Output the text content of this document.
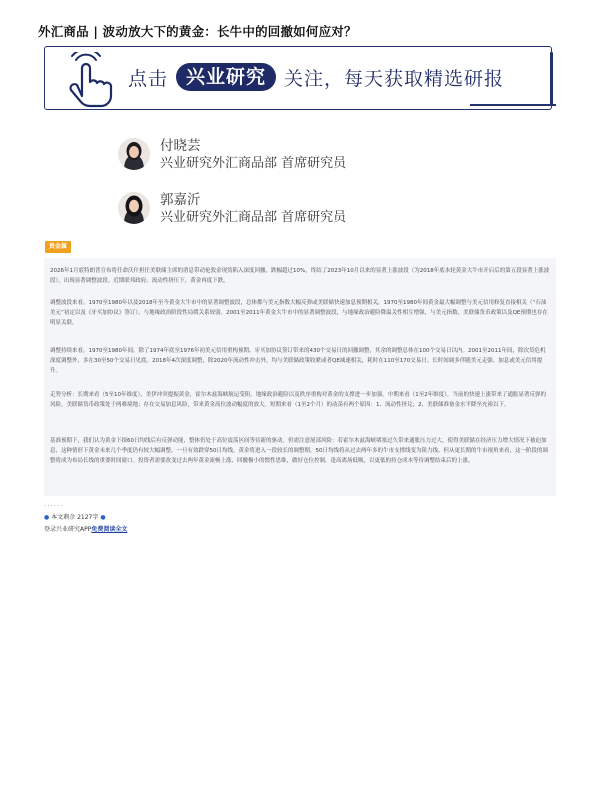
外汇商品 | 波动放大下的黄金：长牛中的回撤如何应对？
点击 兴业研究 关注，每天获取精选研报
付晓芸
兴业研究外汇商品部 首席研究员
郭嘉沂
兴业研究外汇商品部 首席研究员
贵金属

2026年1月底特朗普宣布将任命沃什担任美联储主席的消息带动伦敦金现货陷入深度回撤，跌幅超过10%，终结了2023年10月以来的显著上涨波段（为2018年底本轮黄金大牛市开启后的第五段显著上涨波段），出现显著调整波段。近期联邦政府、流动性挤压下，黄金再度下跌。

调整波段来看，1970至1980年以及2018年至今黄金大牛市中的显著调整波段，总体都与美元指数大幅反弹或美联储快速加息预期相关，1970至1980年间黄金最大幅调整与美元信用修复直接相关（“石油美元”初定以及《牙买加协议》签订），与地缘政治阶段性局缓关系较弱。2001至2011年黄金大牛市中的显著调整波段，与地缘政治避险降温关性相互增强，与美元指数、美联储货币政策以及QE预期也存在明显关联。

调整持续来看，1970至1980年间，除了1974年底至1976年初美元信用重构预期、牙买加协议签订带来的430个交易日的回撤调整，其余的调整总体在100个交易日以内。2001至2011年间，除次贷危机深度调整外，多在30至50个交易日见底。2018年4次深度调整，除2020年流动性冲击外，均与美联储政策收紧或者QE减速相关，耗时在110至170交易日。长时间调多伴随美元走强、加息或美元信用提升。

走势分析：长期来看（5至10年维度），美伊冲突提振黄金，霍尔木兹海峡航运受阻，地缘政治避险以及秩序重构对黄金的支撑进一步加强。中期来看（1至2年维度），当前的快速上涨带来了通胀显著反弹的风险，美联储货币政策处于两难境地；存在交易加息风险，带来黄金高位波动幅度的放大。短期来看（1至2个月）的动荡有两个原因：1、流动性挤兑；2、美联储准备金水平降至充裕以下。

基准预期下，我们认为黄金下探60日均线后有反弹动能，整体仍处于高位震荡区间等待新的驱动。但需注意尾部风险：若霍尔木兹海峡堵塞过久带来通胀压力过大，使得美联储在经济压力增大情况下被迫加息，这种情形下黄金未来几个季度仍有较大幅调整。一旦有效跌穿50日均线，黄金将进入一段较长的调整期，50日均线将从过去两年多的牛市支撑线变为阻力线。但从更长期的牛市视角来看，这一阶段的调整将成为布局长线的重要时间窗口。投资者需要改变过去两年黄金流畅上涨、回撤极小的惯性思维，做好仓位控制，逢高离场低吸，以更低的持仓成本等待调整结束后的上涨。

······
● 本文剩余 2127字 ●
登录兴业研究APP免费阅读全文
